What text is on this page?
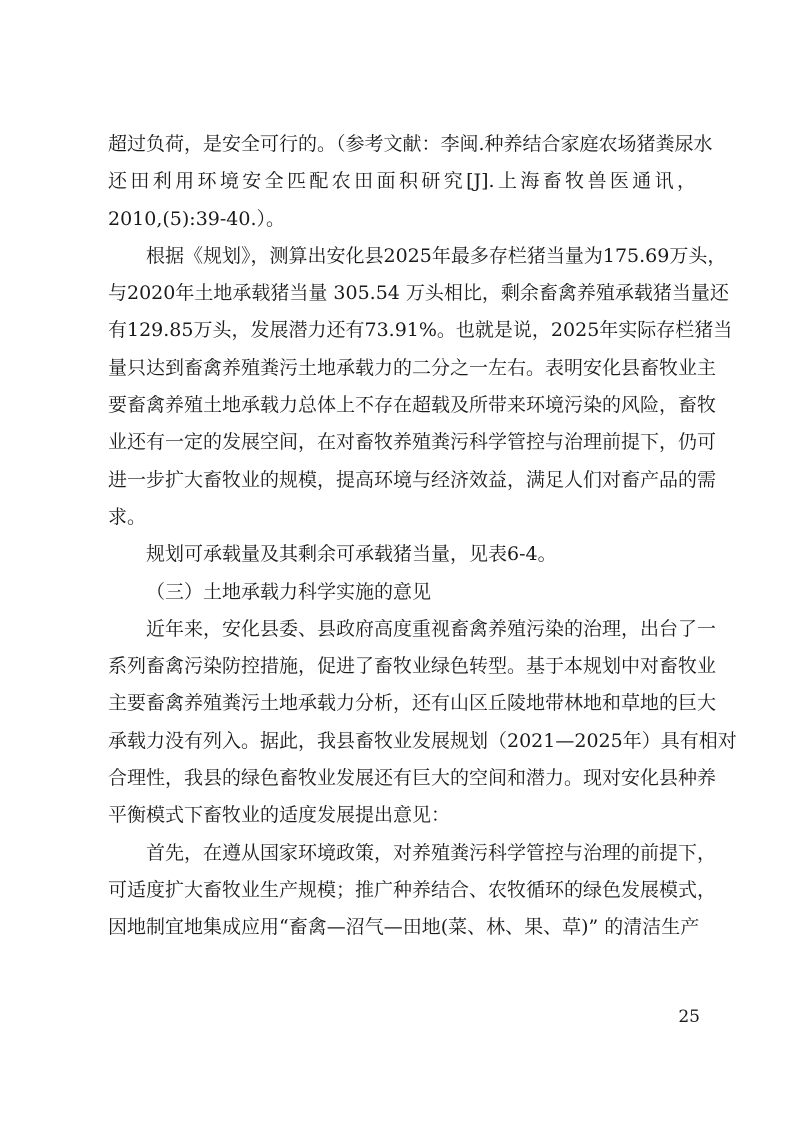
超过负荷，是安全可行的。（参考文献：李闽.种养结合家庭农场猪粪尿水
还田利用环境安全匹配农田面积研究[J].上海畜牧兽医通讯，
2010,(5):39-40.）。
根据《规划》，测算出安化县2025年最多存栏猪当量为175.69万头，
与2020年土地承载猪当量 305.54 万头相比，剩余畜禽养殖承载猪当量还
有129.85万头，发展潜力还有73.91%。也就是说，2025年实际存栏猪当
量只达到畜禽养殖粪污土地承载力的二分之一左右。表明安化县畜牧业主
要畜禽养殖土地承载力总体上不存在超载及所带来环境污染的风险，畜牧
业还有一定的发展空间，在对畜牧养殖粪污科学管控与治理前提下，仍可
进一步扩大畜牧业的规模，提高环境与经济效益，满足人们对畜产品的需
求。
规划可承载量及其剩余可承载猪当量，见表6-4。
（三）土地承载力科学实施的意见
近年来，安化县委、县政府高度重视畜禽养殖污染的治理，出台了一
系列畜禽污染防控措施，促进了畜牧业绿色转型。基于本规划中对畜牧业
主要畜禽养殖粪污土地承载力分析，还有山区丘陵地带林地和草地的巨大
承载力没有列入。据此，我县畜牧业发展规划（2021—2025年）具有相对
合理性，我县的绿色畜牧业发展还有巨大的空间和潜力。现对安化县种养
平衡模式下畜牧业的适度发展提出意见：
首先，在遵从国家环境政策，对养殖粪污科学管控与治理的前提下，
可适度扩大畜牧业生产规模；推广种养结合、农牧循环的绿色发展模式，
因地制宜地集成应用“畜禽—沼气—田地(菜、林、果、草)” 的清洁生产
25
